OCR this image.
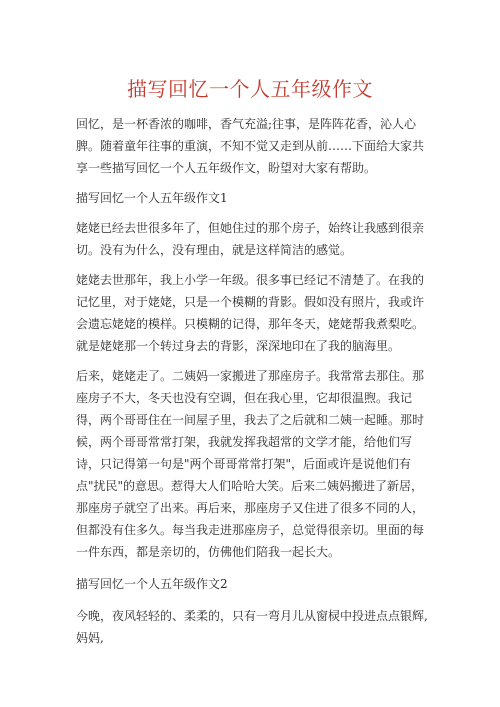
描写回忆一个人五年级作文

回忆，是一杯香浓的咖啡，香气充溢;往事，是阵阵花香，沁人心脾。随着童年往事的重演，不知不觉又走到从前……下面给大家共享一些描写回忆一个人五年级作文，盼望对大家有帮助。

描写回忆一个人五年级作文1

姥姥已经去世很多年了，但她住过的那个房子，始终让我感到很亲切。没有为什么，没有理由，就是这样简洁的感觉。

姥姥去世那年，我上小学一年级。很多事已经记不清楚了。在我的记忆里，对于姥姥，只是一个模糊的背影。假如没有照片，我或许会遗忘姥姥的模样。只模糊的记得，那年冬天，姥姥帮我煮梨吃。就是姥姥那一个转过身去的背影，深深地印在了我的脑海里。

后来，姥姥走了。二姨妈一家搬进了那座房子。我常常去那住。那座房子不大，冬天也没有空调，但在我心里，它却很温煦。我记得，两个哥哥住在一间屋子里，我去了之后就和二姨一起睡。那时候，两个哥哥常常打架，我就发挥我超常的文学才能，给他们写诗，只记得第一句是"两个哥哥常常打架"，后面或许是说他们有点"扰民"的意思。惹得大人们哈哈大笑。后来二姨妈搬进了新居，那座房子就空了出来。再后来，那座房子又住进了很多不同的人，但都没有住多久。每当我走进那座房子，总觉得很亲切。里面的每一件东西，都是亲切的，仿佛他们陪我一起长大。

描写回忆一个人五年级作文2

今晚，夜风轻轻的、柔柔的，只有一弯月儿从窗棂中投进点点银辉,妈妈,
